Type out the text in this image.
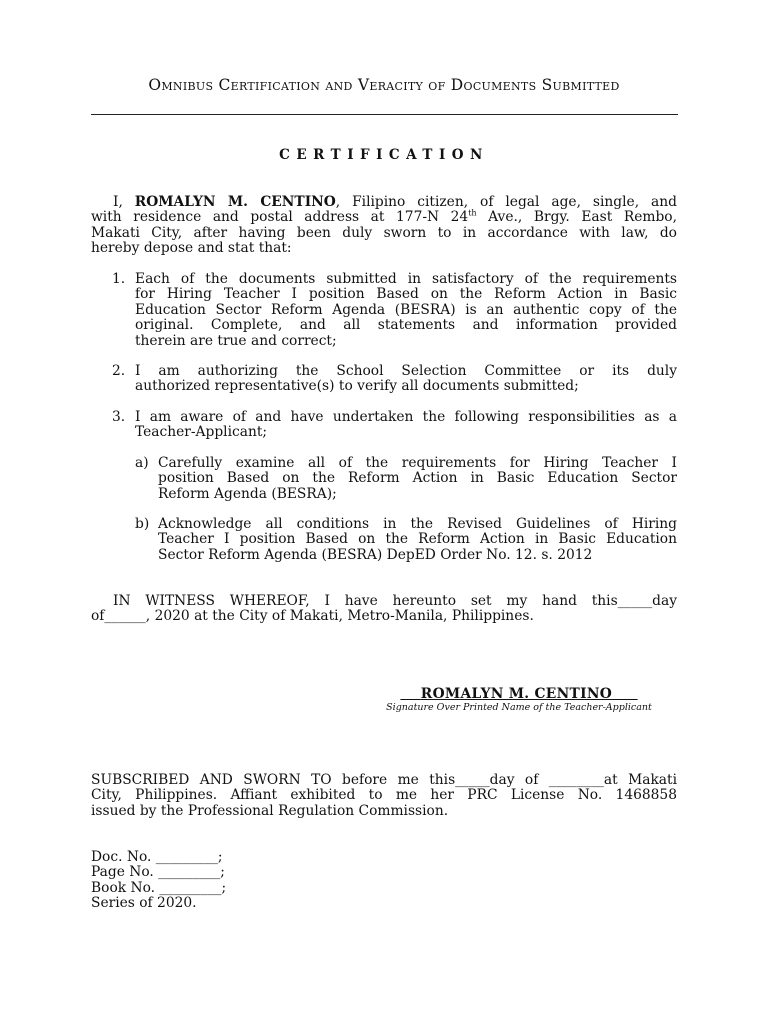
Omnibus Certification and Veracity of Documents Submitted
CERTIFICATION
I, ROMALYN M. CENTINO, Filipino citizen, of legal age, single, and
with residence and postal address at 177-N 24th Ave., Brgy. East Rembo,
Makati City, after having been duly sworn to in accordance with law, do
hereby depose and stat that:
1. Each of the documents submitted in satisfactory of the requirements
for Hiring Teacher I position Based on the Reform Action in Basic
Education Sector Reform Agenda (BESRA) is an authentic copy of the
original. Complete, and all statements and information provided
therein are true and correct;
2. I am authorizing the School Selection Committee or its duly
authorized representative(s) to verify all documents submitted;
3. I am aware of and have undertaken the following responsibilities as a
Teacher-Applicant;
a) Carefully examine all of the requirements for Hiring Teacher I
position Based on the Reform Action in Basic Education Sector
Reform Agenda (BESRA);
b) Acknowledge all conditions in the Revised Guidelines of Hiring
Teacher I position Based on the Reform Action in Basic Education
Sector Reform Agenda (BESRA) DepED Order No. 12. s. 2012
IN WITNESS WHEREOF, I have hereunto set my hand this_____day
of______, 2020 at the City of Makati, Metro-Manila, Philippines.
ROMALYN M. CENTINO
Signature Over Printed Name of the Teacher-Applicant
SUBSCRIBED AND SWORN TO before me this_____day of ________at Makati
City, Philippines. Affiant exhibited to me her PRC License No. 1468858
issued by the Professional Regulation Commission.
Doc. No. _________;
Page No. _________;
Book No. _________;
Series of 2020.
